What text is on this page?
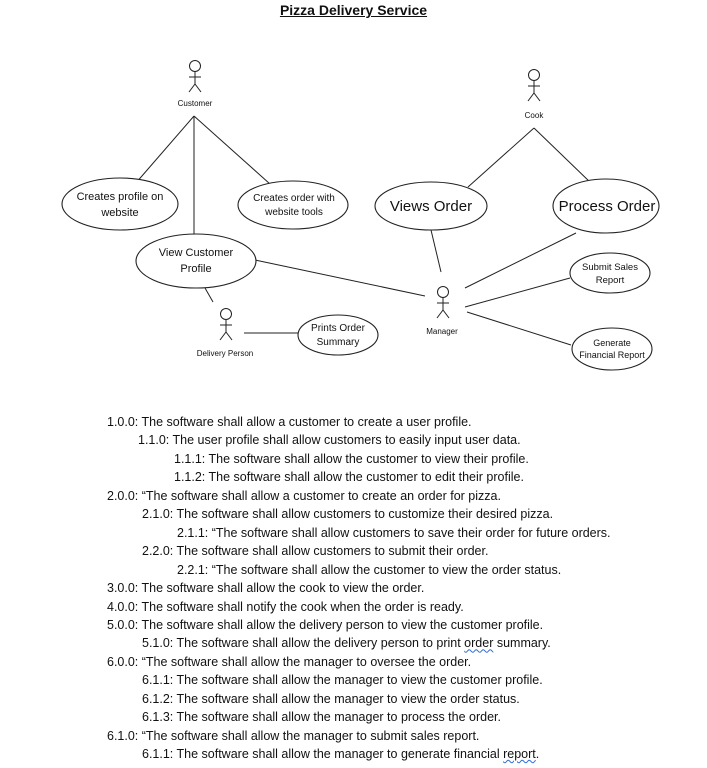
Customer
Cook
Manager
Delivery Person
Creates profile on
website
Creates order with
website tools	Views Order	Process Order
View Customer
Profile
Prints Order
Summary
Submit Sales
Report
Generate
Financial Report
Pizza Delivery Service
1.0.0: The software shall allow a customer to create a user profile.
1.1.0: The user profile shall allow customers to easily input user data.
1.1.1: The software shall allow the customer to view their profile.
1.1.2: The software shall allow the customer to edit their profile.
2.0.0: “The software shall allow a customer to create an order for pizza.
2.1.0: The software shall allow customers to customize their desired pizza.
2.1.1: “The software shall allow customers to save their order for future orders.
2.2.0: The software shall allow customers to submit their order.
2.2.1: “The software shall allow the customer to view the order status.
3.0.0: The software shall allow the cook to view the order.
4.0.0: The software shall notify the cook when the order is ready.
5.0.0: The software shall allow the delivery person to view the customer profile.
5.1.0: The software shall allow the delivery person to print order summary.
6.0.0: “The software shall allow the manager to oversee the order.
6.1.1: The software shall allow the manager to view the customer profile.
6.1.2: The software shall allow the manager to view the order status.
6.1.3: The software shall allow the manager to process the order.
6.1.0: “The software shall allow the manager to submit sales report.
6.1.1: The software shall allow the manager to generate financial report.
